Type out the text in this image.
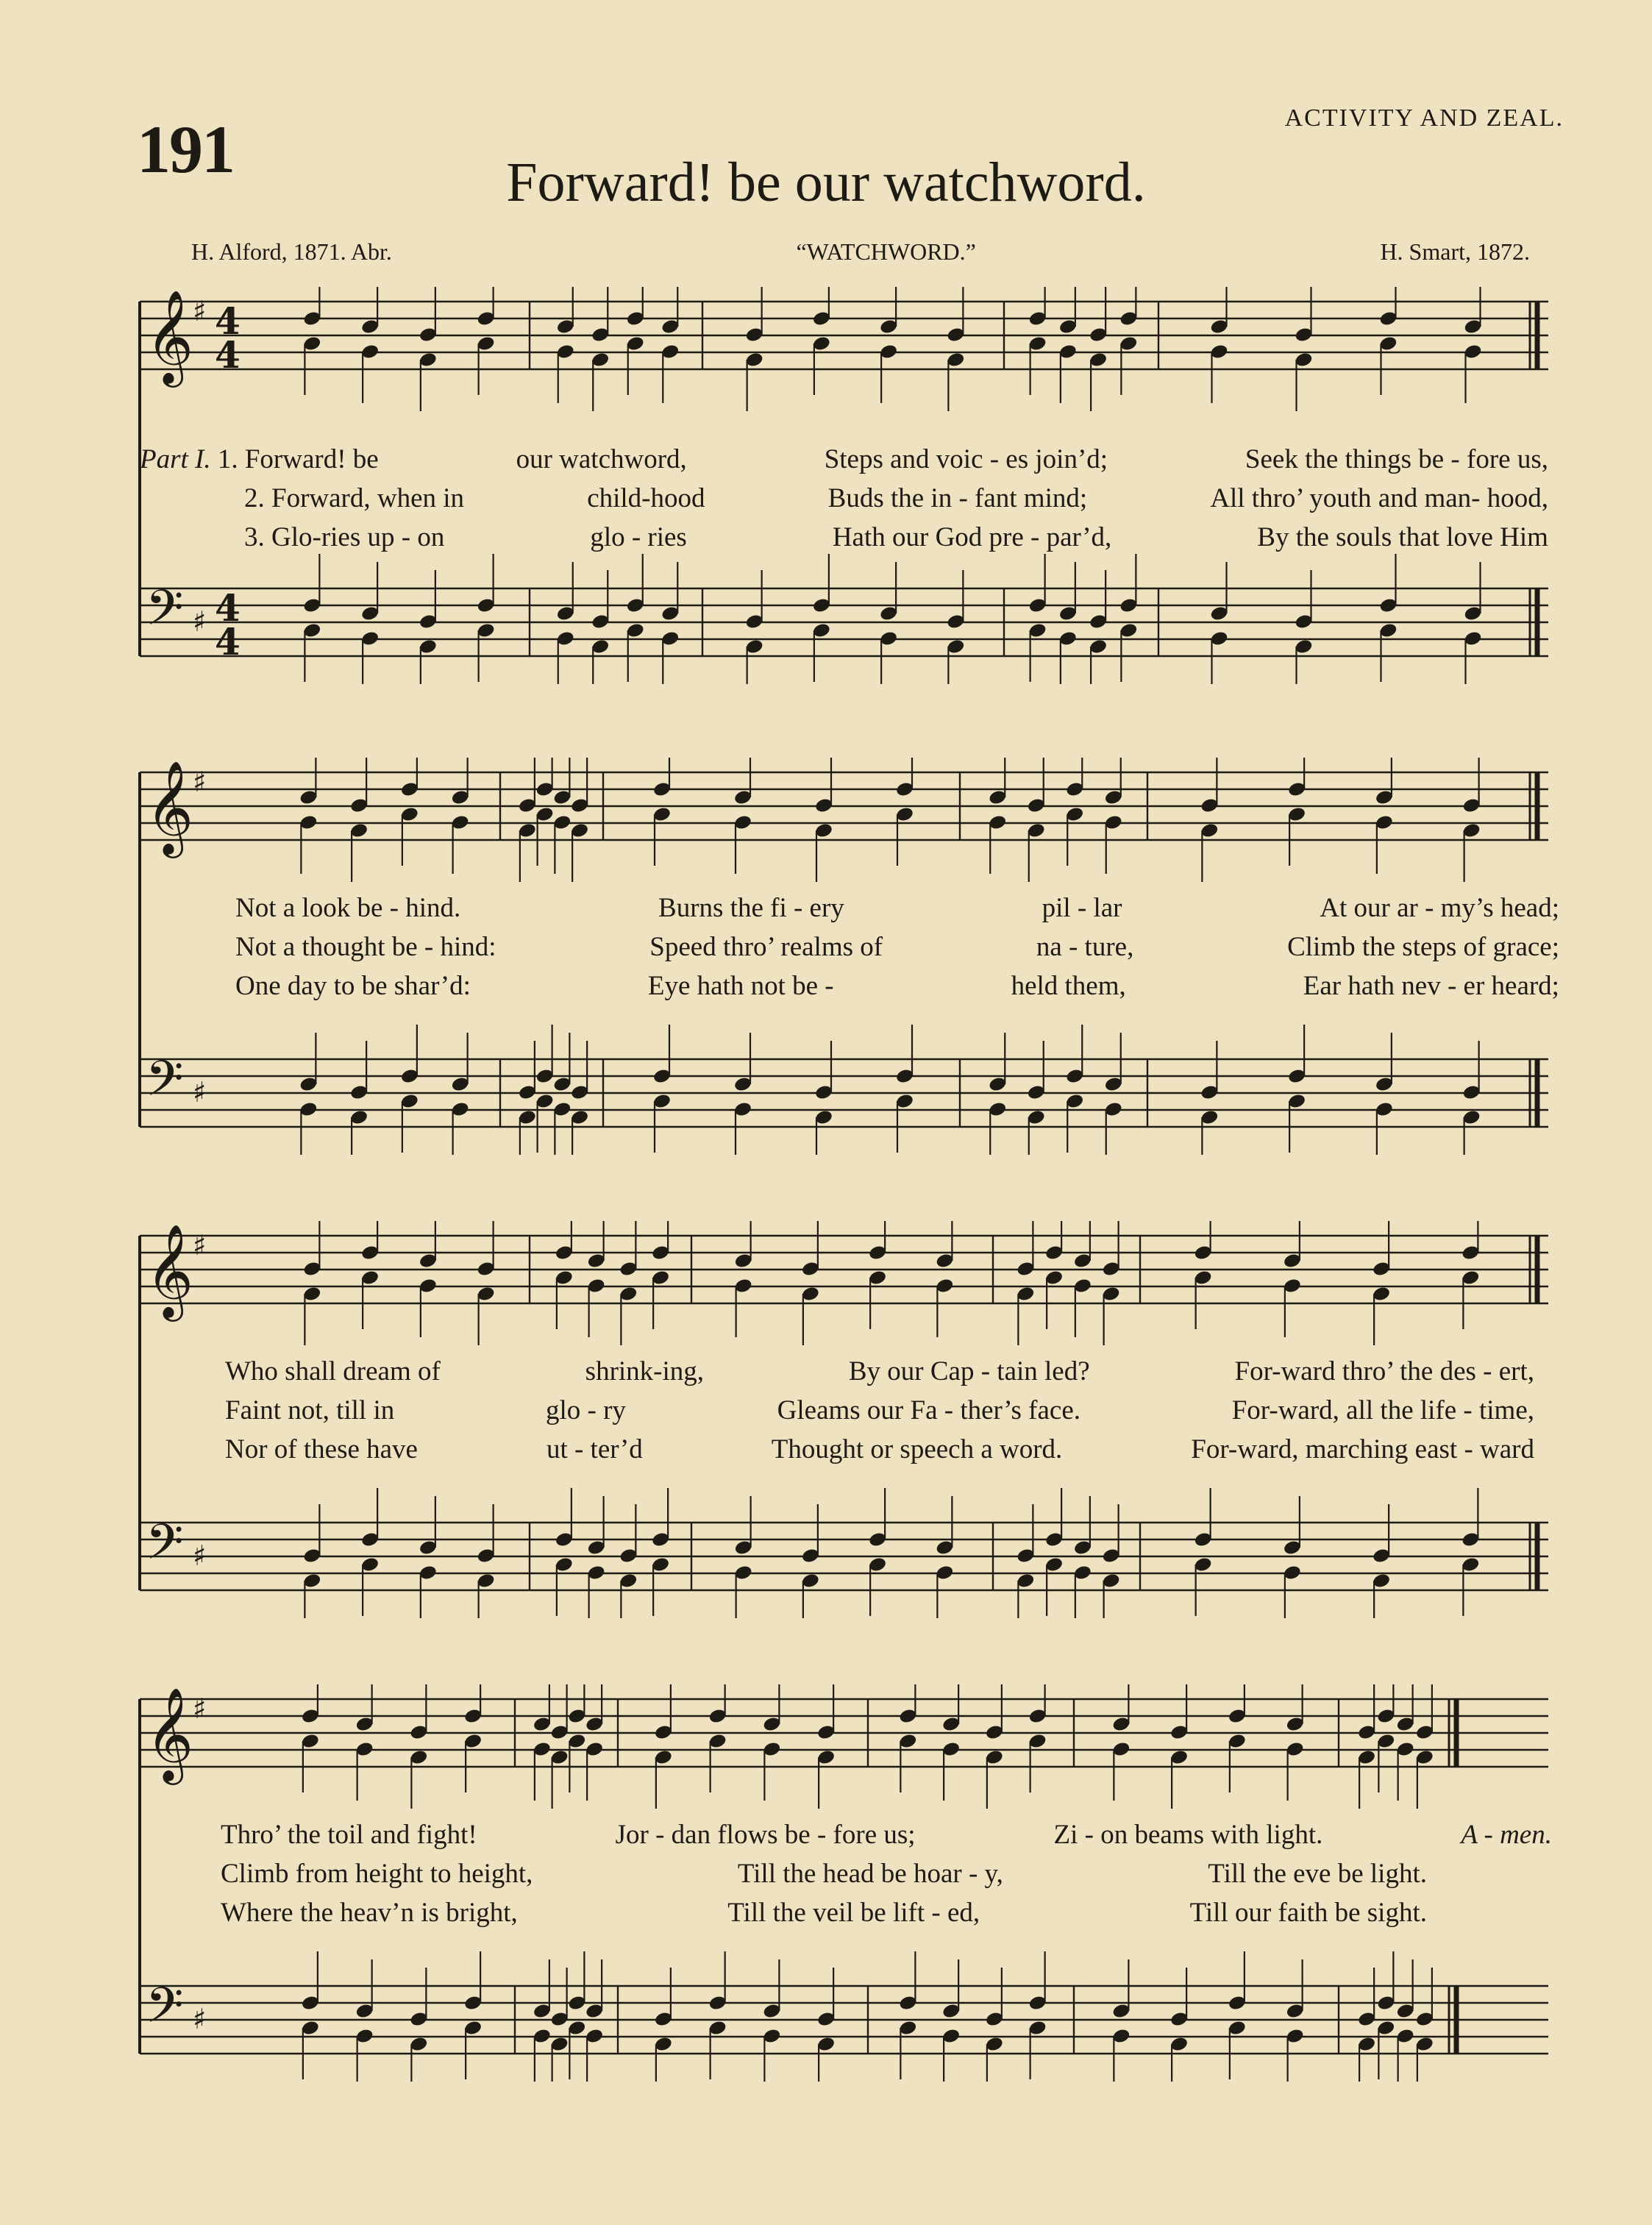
191	ACTIVITY AND ZEAL.
Forward! be our watchword.
H. Alford, 1871. Abr.	“WATCHWORD.”	H. Smart, 1872.
𝄞
♯ 4
4
𝄢 ♯ 4
4
𝄞
♯
𝄢 ♯
𝄞
♯
𝄢 ♯
𝄞
♯
𝄢 ♯
Part I. 1. Forward! be	our watchword,	Steps and voic - es join’d;	Seek the things be - fore us,
2. Forward, when in	child-hood	Buds the in - fant mind;	All thro’ youth and man- hood,
3. Glo-ries up - on	glo - ries	Hath our God pre - par’d,	By the souls that love Him
Not a look be - hind.	Burns the fi - ery	pil - lar	At our ar - my’s head;
Not a thought be - hind:	Speed thro’ realms of	na - ture,	Climb the steps of grace;
One day to be shar’d:	Eye hath not be -	held them,	Ear hath nev - er heard;
Who shall dream of	shrink-ing,	By our Cap - tain led?	For-ward thro’ the des - ert,
Faint not, till in	glo - ry	Gleams our Fa - ther’s face.	For-ward, all the life - time,
Nor of these have	ut - ter’d	Thought or speech a word.	For-ward, marching east - ward
Thro’ the toil and fight!	Jor - dan flows be - fore us;	Zi - on beams with light.	A - men.
Climb from height to height,	Till the head be hoar - y,	Till the eve be light.
Where the heav’n is bright,	Till the veil be lift - ed,	Till our faith be sight.
